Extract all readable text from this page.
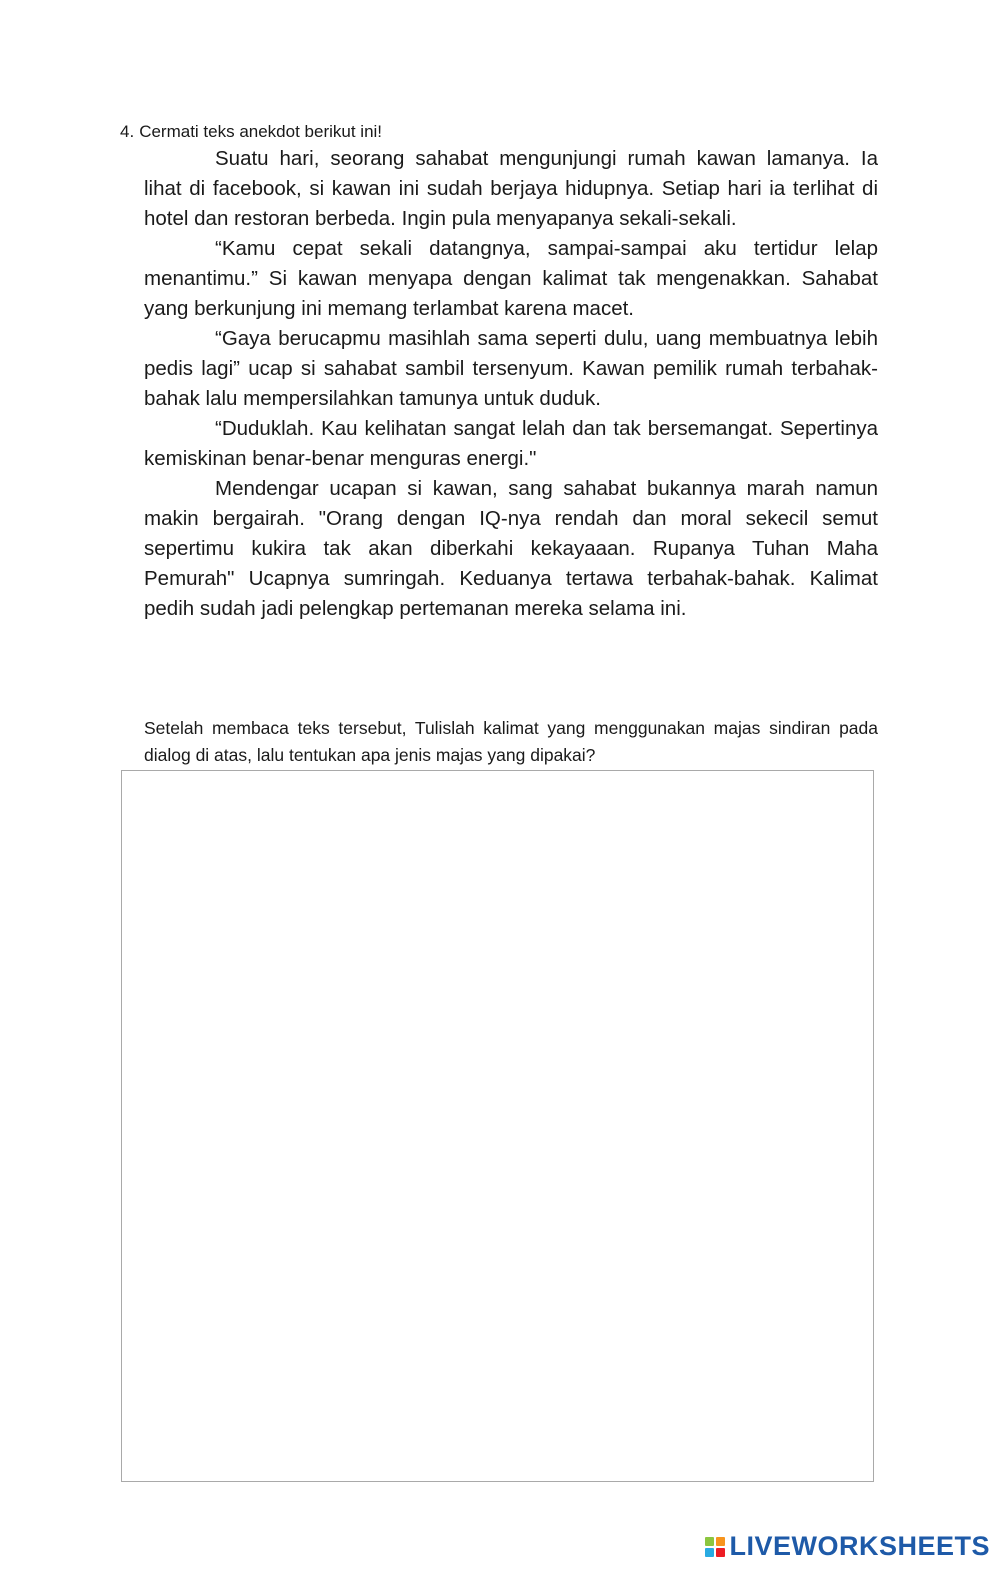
4. Cermati teks anekdot berikut ini!

Suatu hari, seorang sahabat mengunjungi rumah kawan lamanya. Ia lihat di facebook, si kawan ini sudah berjaya hidupnya. Setiap hari ia terlihat di hotel dan restoran berbeda. Ingin pula menyapanya sekali-sekali.

“Kamu cepat sekali datangnya, sampai-sampai aku tertidur lelap menantimu.” Si kawan menyapa dengan kalimat tak mengenakkan. Sahabat yang berkunjung ini memang terlambat karena macet.

“Gaya berucapmu masihlah sama seperti dulu, uang membuatnya lebih pedis lagi” ucap si sahabat sambil tersenyum. Kawan pemilik rumah terbahak-bahak lalu mempersilahkan tamunya untuk duduk.

“Duduklah. Kau kelihatan sangat lelah dan tak bersemangat. Sepertinya kemiskinan benar-benar menguras energi."

Mendengar ucapan si kawan, sang sahabat bukannya marah namun makin bergairah. "Orang dengan IQ-nya rendah dan moral sekecil semut sepertimu kukira tak akan diberkahi kekayaaan. Rupanya Tuhan Maha Pemurah" Ucapnya sumringah. Keduanya tertawa terbahak-bahak. Kalimat pedih sudah jadi pelengkap pertemanan mereka selama ini.

Setelah membaca teks tersebut, Tulislah kalimat yang menggunakan majas sindiran pada dialog di atas, lalu tentukan apa jenis majas yang dipakai?

LIVEWORKSHEETS
